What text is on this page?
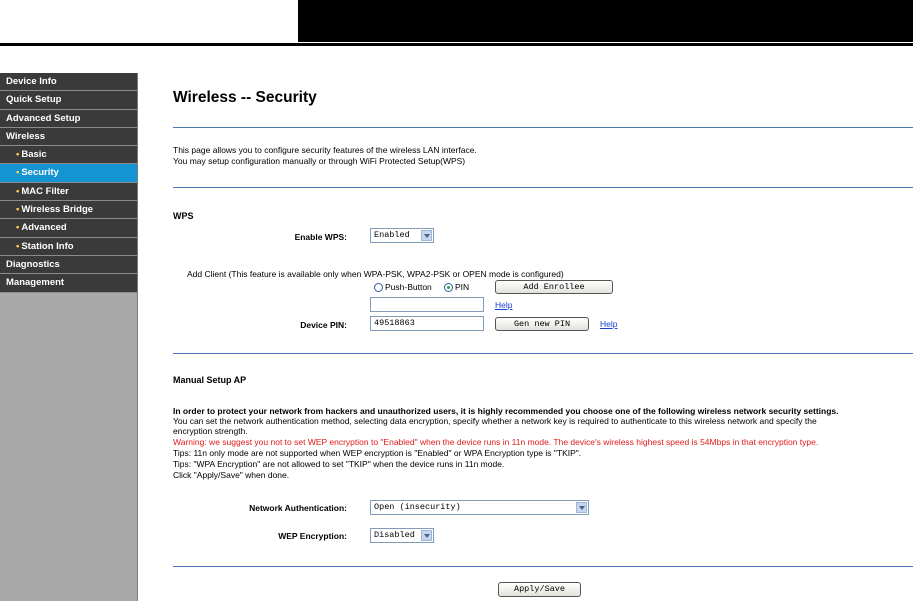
Device Info
Quick Setup
Advanced Setup
Wireless
• Basic
• Security
• MAC Filter
• Wireless Bridge
• Advanced
• Station Info
Diagnostics
Management
Wireless -- Security
This page allows you to configure security features of the wireless LAN interface.
You may setup configuration manually or through WiFi Protected Setup(WPS)
WPS
Enable WPS:	Enabled
Add Client (This feature is available only when WPA-PSK, WPA2-PSK or OPEN mode is configured)
Push-Button	PIN	Add Enrollee
Help
Device PIN:	49518863	Gen new PIN	Help
Manual Setup AP
In order to protect your network from hackers and unauthorized users, it is highly recommended you choose one of the following wireless network security settings.
You can set the network authentication method, selecting data encryption, specify whether a network key is required to authenticate to this wireless network and specify the
encryption strength.
Warning: we suggest you not to set WEP encryption to "Enabled" when the device runs in 11n mode. The device's wireless highest speed is 54Mbps in that encryption type.
Tips: 11n only mode are not supported when WEP encryption is "Enabled" or WPA Encryption type is "TKIP".
Tips: "WPA Encryption" are not allowed to set "TKIP" when the device runs in 11n mode.
Click "Apply/Save" when done.
Network Authentication:	Open (insecurity)
WEP Encryption:	Disabled
Apply/Save
